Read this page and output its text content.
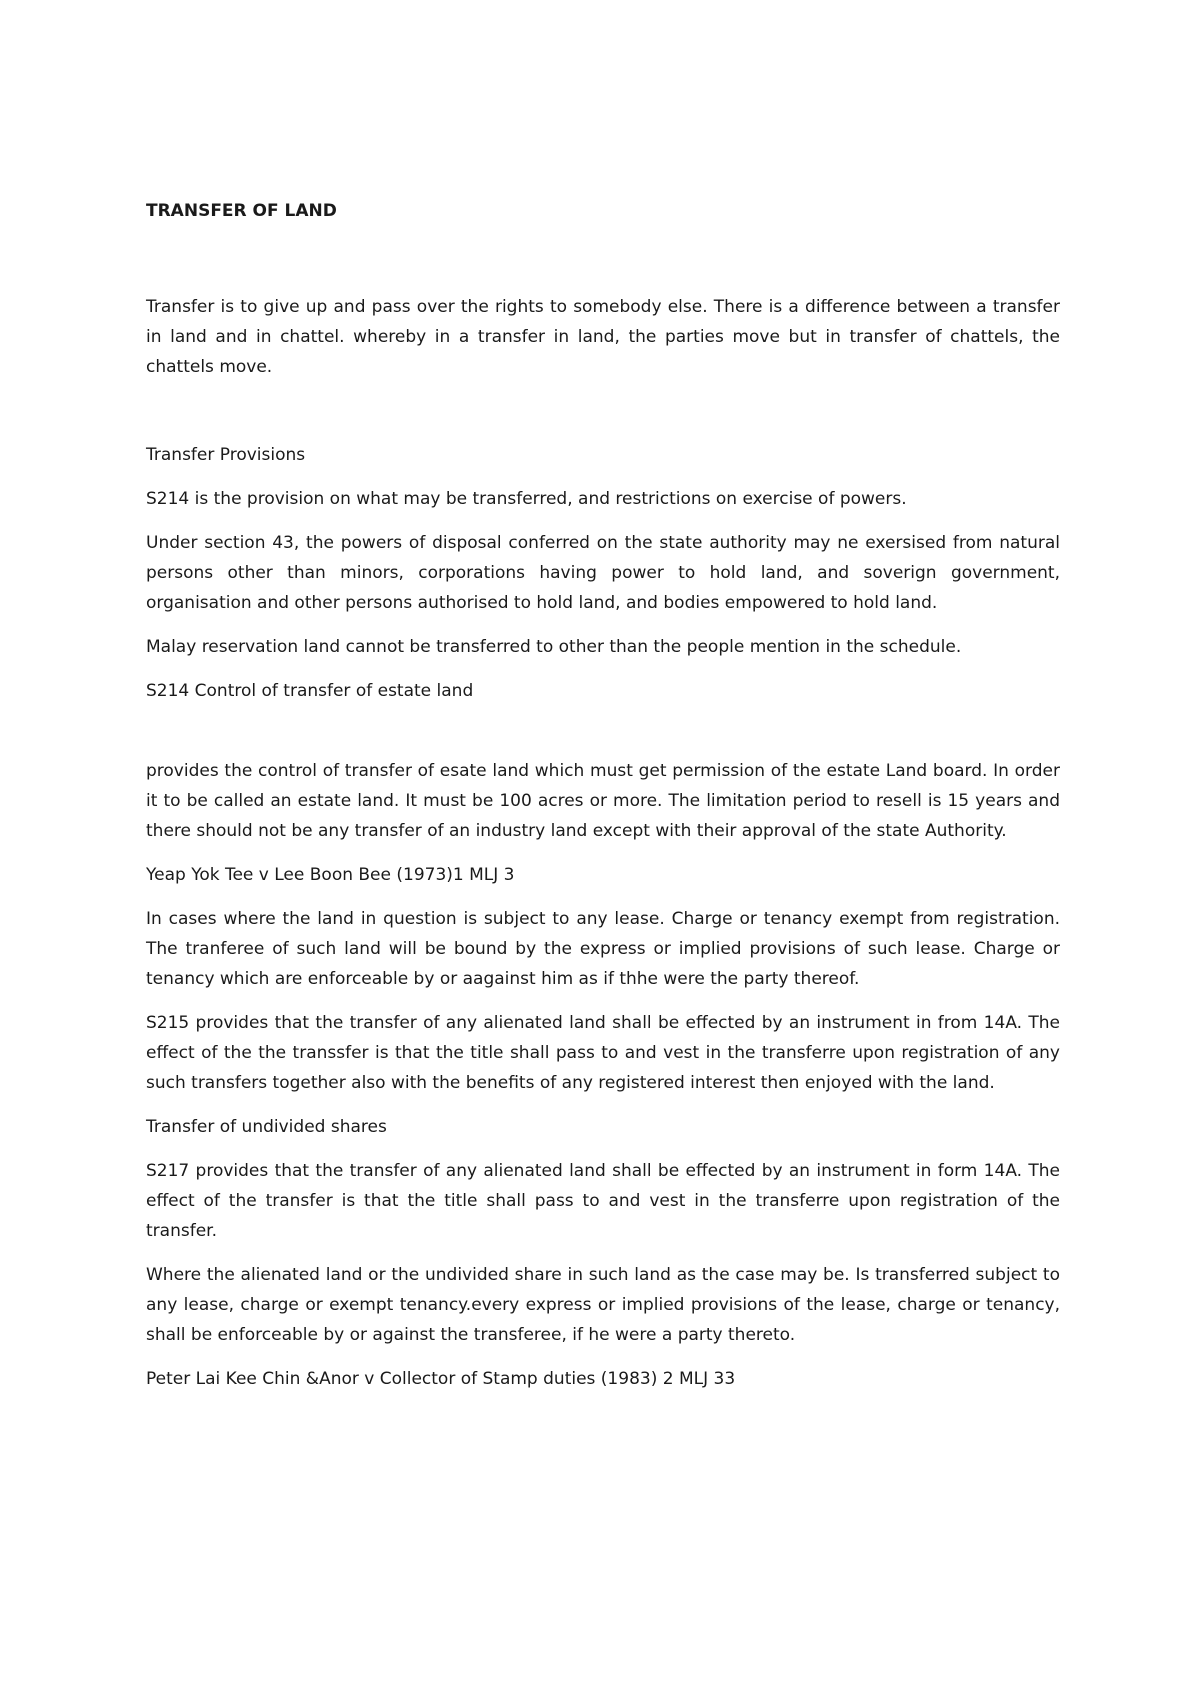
TRANSFER OF LAND

Transfer is to give up and pass over the rights to somebody else. There is a difference between a transfer in land and in chattel. whereby in a transfer in land, the parties move but in transfer of chattels, the chattels move.

Transfer Provisions

S214 is the provision on what may be transferred, and restrictions on exercise of powers.

Under section 43, the powers of disposal conferred on the state authority may ne exersised from natural persons other than minors, corporations having power to hold land, and soverign government, organisation and other persons authorised to hold land, and bodies empowered to hold land.

Malay reservation land cannot be transferred to other than the people mention in the schedule.

S214 Control of transfer of estate land

provides the control of transfer of esate land which must get permission of the estate Land board. In order it to be called an estate land. It must be 100 acres or more. The limitation period to resell is 15 years and there should not be any transfer of an industry land except with their approval of the state Authority.

Yeap Yok Tee v Lee Boon Bee (1973)1 MLJ 3

In cases where the land in question is subject to any lease. Charge or tenancy exempt from registration. The tranferee of such land will be bound by the express or implied provisions of such lease. Charge or tenancy which are enforceable by or aagainst him as if thhe were the party thereof.

S215 provides that the transfer of any alienated land shall be effected by an instrument in from 14A. The effect of the the transsfer is that the title shall pass to and vest in the transferre upon registration of any such transfers together also with the benefits of any registered interest then enjoyed with the land.

Transfer of undivided shares

S217 provides that the transfer of any alienated land shall be effected by an instrument in form 14A. The effect of the transfer is that the title shall pass to and vest in the transferre upon registration of the transfer.

Where the alienated land or the undivided share in such land as the case may be. Is transferred subject to any lease, charge or exempt tenancy.every express or implied provisions of the lease, charge or tenancy, shall be enforceable by or against the transferee, if he were a party thereto.

Peter Lai Kee Chin &Anor v Collector of Stamp duties (1983) 2 MLJ 33
